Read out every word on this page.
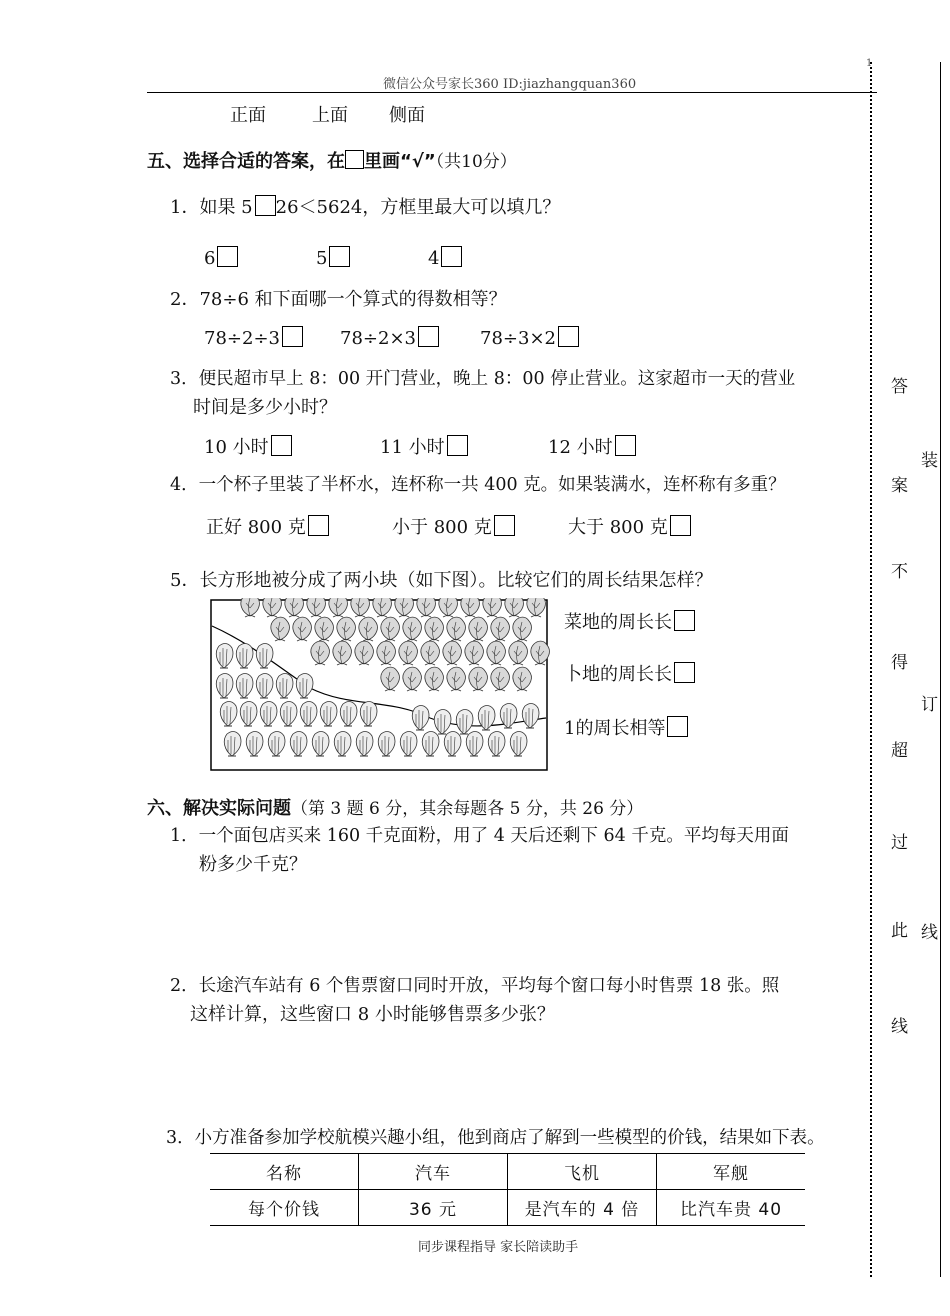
微信公众号家长360 ID:jiazhangquan360
1
正面	上面 侧面
五、选择合适的答案，在 里画“√”（共10分）
1．如果 5 26＜5624，方框里最大可以填几？
6	5	4
2．78÷6 和下面哪一个算式的得数相等？
78÷2÷3	78÷2×3	78÷3×2
3．便民超市早上 8：00 开门营业，晚上 8：00 停止营业。这家超市一天的营业
时间是多少小时？
10 小时	11 小时	12 小时
4．一个杯子里装了半杯水，连杯称一共 400 克。如果装满水，连杯称有多重？
正好 800 克	小于 800 克	大于 800 克
5．长方形地被分成了两小块（如下图）。比较它们的周长结果怎样？
菜地的周长长
卜地的周长长
1的周长相等
六、解决实际问题（第 3 题 6 分，其余每题各 5 分，共 26 分）
1．一个面包店买来 160 千克面粉，用了 4 天后还剩下 64 千克。平均每天用面
粉多少千克？
2．长途汽车站有 6 个售票窗口同时开放，平均每个窗口每小时售票 18 张。照
这样计算，这些窗口 8 小时能够售票多少张？
3．小方准备参加学校航模兴趣小组，他到商店了解到一些模型的价钱，结果如下表。
名称	汽车	飞机	军舰
每个价钱	36 元	是汽车的 4 倍	比汽车贵 40
同步课程指导 家长陪读助手
答
案
不
得
超
过
此
线
装
订
线
